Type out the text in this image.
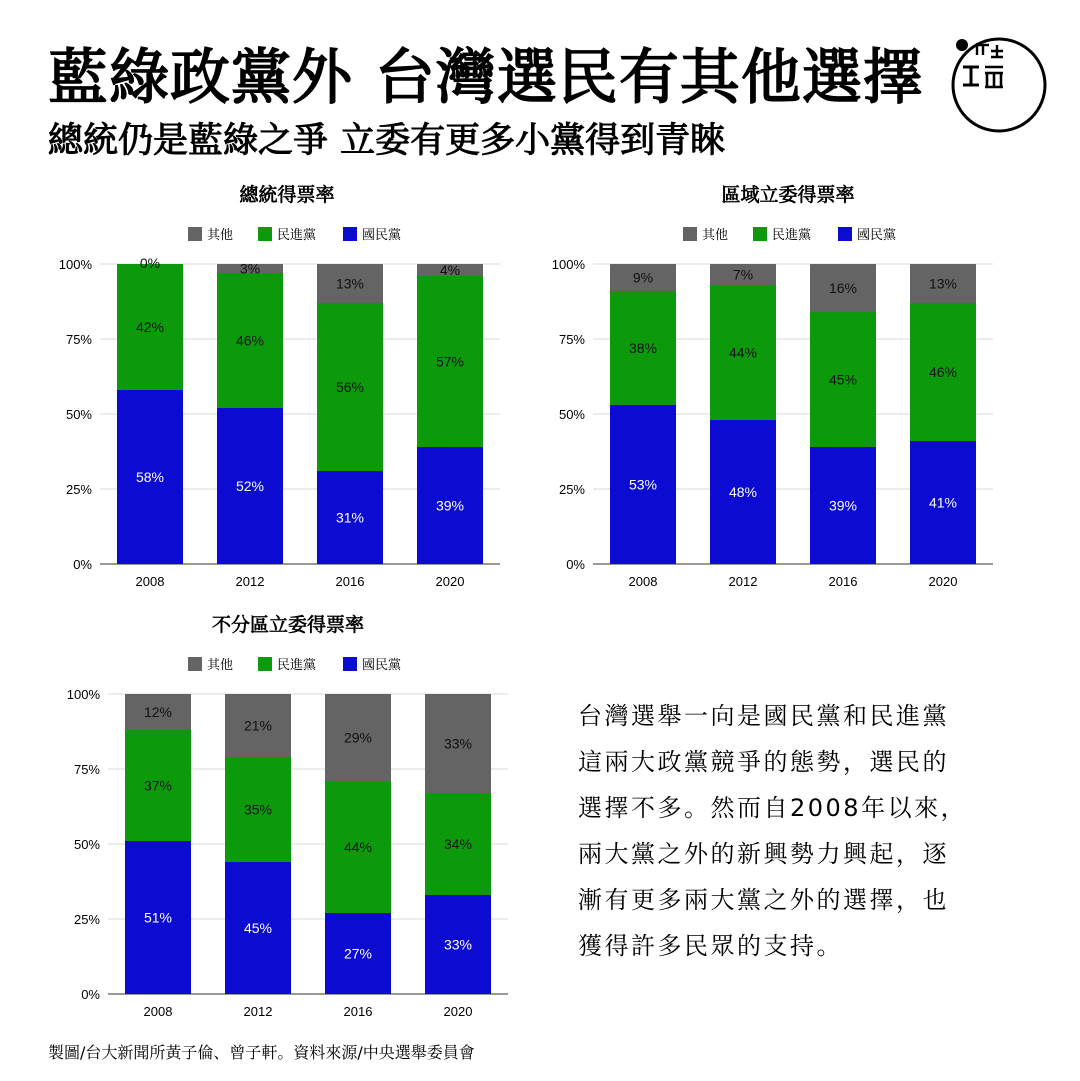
藍綠政黨外 台灣選民有其他選擇
總統仍是藍綠之爭 立委有更多小黨得到青睞
總統得票率
其他	民進黨	國民黨
0%
25%
50%
75%
100%
58%
42%
0%
2008
52%
46%
3%
2012
31%
56%
13%
2016
39%
57%
4%
2020
區域立委得票率
其他	民進黨	國民黨
0%
25%
50%
75%
100%
53%
38%
9%
2008
48%
44%
7%
2012
39%
45%
16%
2016
41%
46%
13%
2020
不分區立委得票率
其他	民進黨	國民黨
0%
25%
50%
75%
100%
51%
37%
12%
2008
45%
35%
21%
2012
27%
44%
29%
2016
33%
34%
33%
2020
台灣選舉一向是國民黨和民進黨
這兩大政黨競爭的態勢，選民的
選擇不多。然而自2008年以來，
兩大黨之外的新興勢力興起，逐
漸有更多兩大黨之外的選擇，也
獲得許多民眾的支持。

製圖/台大新聞所黃子倫、曾子軒。資料來源/中央選舉委員會
